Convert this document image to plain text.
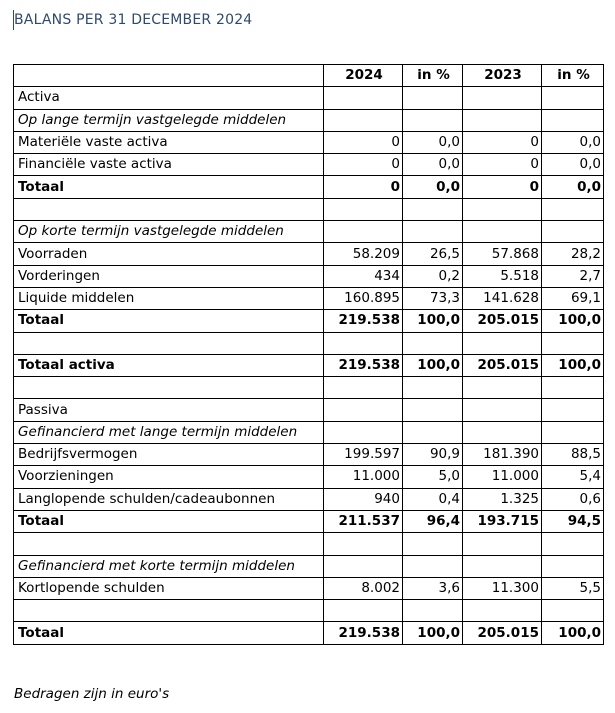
BALANS PER 31 DECEMBER 2024
	2024	in %	2023	in %
Activa				
Op lange termijn vastgelegde middelen				
Materiële vaste activa	0	0,0	0	0,0
Financiële vaste activa	0	0,0	0	0,0
Totaal	0	0,0	0	0,0

Op korte termijn vastgelegde middelen				
Voorraden	58.209	26,5	57.868	28,2
Vorderingen	434	0,2	5.518	2,7
Liquide middelen	160.895	73,3	141.628	69,1
Totaal	219.538	100,0	205.015	100,0

Totaal activa	219.538	100,0	205.015	100,0

Passiva				
Gefinancierd met lange termijn middelen				
Bedrijfsvermogen	199.597	90,9	181.390	88,5
Voorzieningen	11.000	5,0	11.000	5,4
Langlopende schulden/cadeaubonnen	940	0,4	1.325	0,6
Totaal	211.537	96,4	193.715	94,5

Gefinancierd met korte termijn middelen				
Kortlopende schulden	8.002	3,6	11.300	5,5

Totaal	219.538	100,0	205.015	100,0
Bedragen zijn in euro's
